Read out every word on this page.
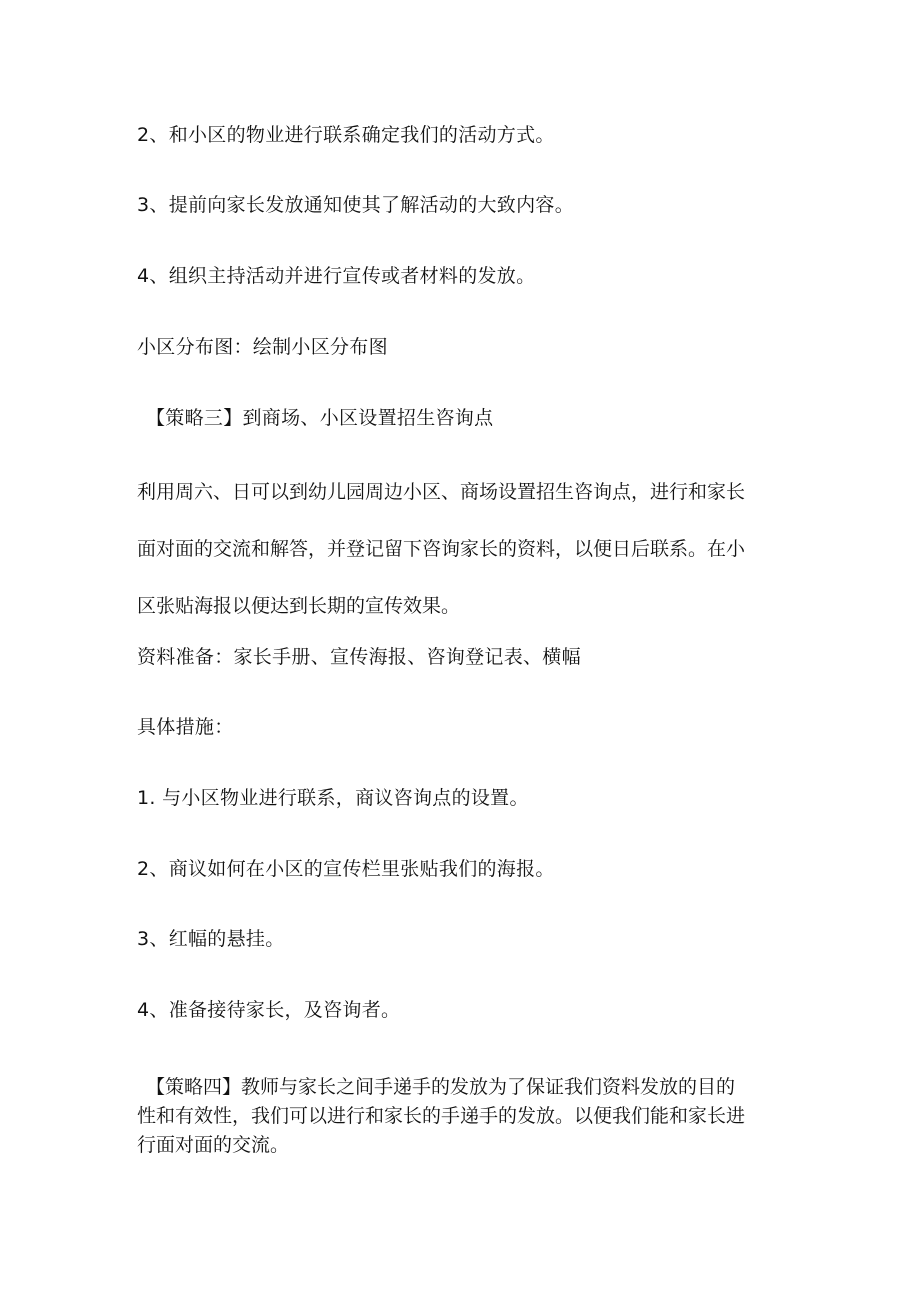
2、和小区的物业进行联系确定我们的活动方式。

3、提前向家长发放通知使其了解活动的大致内容。

4、组织主持活动并进行宣传或者材料的发放。

小区分布图：绘制小区分布图

【策略三】到商场、小区设置招生咨询点

利用周六、日可以到幼儿园周边小区、商场设置招生咨询点，进行和家长
面对面的交流和解答，并登记留下咨询家长的资料，以便日后联系。在小
区张贴海报以便达到长期的宣传效果。

资料准备：家长手册、宣传海报、咨询登记表、横幅

具体措施：

1. 与小区物业进行联系，商议咨询点的设置。

2、商议如何在小区的宣传栏里张贴我们的海报。

3、红幅的悬挂。

4、准备接待家长，及咨询者。

【策略四】教师与家长之间手递手的发放为了保证我们资料发放的目的
性和有效性，我们可以进行和家长的手递手的发放。以便我们能和家长进
行面对面的交流。
